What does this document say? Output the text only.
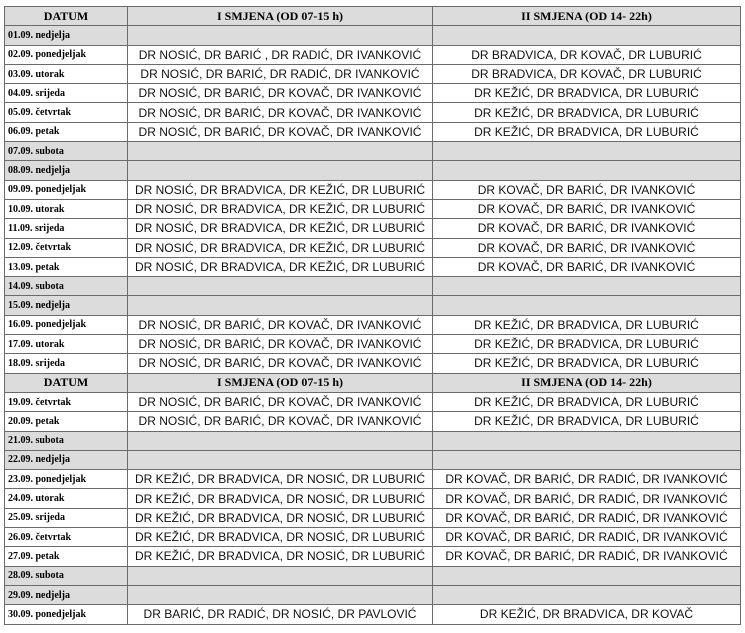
DATUM	I SMJENA (OD 07-15 h)	II SMJENA (OD 14- 22h)
01.09. nedjelja		
02.09. ponedjeljak	DR NOSIĆ, DR BARIĆ , DR RADIĆ, DR IVANKOVIĆ	DR BRADVICA, DR KOVAČ, DR LUBURIĆ
03.09. utorak	DR NOSIĆ, DR BARIĆ, DR RADIĆ, DR IVANKOVIĆ	DR BRADVICA, DR KOVAČ, DR LUBURIĆ
04.09. srijeda	DR NOSIĆ, DR BARIĆ, DR KOVAČ, DR IVANKOVIĆ	DR KEŽIĆ, DR BRADVICA, DR LUBURIĆ
05.09. četvrtak	DR NOSIĆ, DR BARIĆ, DR KOVAČ, DR IVANKOVIĆ	DR KEŽIĆ, DR BRADVICA, DR LUBURIĆ
06.09. petak	DR NOSIĆ, DR BARIĆ, DR KOVAČ, DR IVANKOVIĆ	DR KEŽIĆ, DR BRADVICA, DR LUBURIĆ
07.09. subota		
08.09. nedjelja		
09.09. ponedjeljak	DR NOSIĆ, DR BRADVICA, DR KEŽIĆ, DR LUBURIĆ	DR KOVAČ, DR BARIĆ, DR IVANKOVIĆ
10.09. utorak	DR NOSIĆ, DR BRADVICA, DR KEŽIĆ, DR LUBURIĆ	DR KOVAČ, DR BARIĆ, DR IVANKOVIĆ
11.09. srijeda	DR NOSIĆ, DR BRADVICA, DR KEŽIĆ, DR LUBURIĆ	DR KOVAČ, DR BARIĆ, DR IVANKOVIĆ
12.09. četvrtak	DR NOSIĆ, DR BRADVICA, DR KEŽIĆ, DR LUBURIĆ	DR KOVAČ, DR BARIĆ, DR IVANKOVIĆ
13.09. petak	DR NOSIĆ, DR BRADVICA, DR KEŽIĆ, DR LUBURIĆ	DR KOVAČ, DR BARIĆ, DR IVANKOVIĆ
14.09. subota		
15.09. nedjelja		
16.09. ponedjeljak	DR NOSIĆ, DR BARIĆ, DR KOVAČ, DR IVANKOVIĆ	DR KEŽIĆ, DR BRADVICA, DR LUBURIĆ
17.09. utorak	DR NOSIĆ, DR BARIĆ, DR KOVAČ, DR IVANKOVIĆ	DR KEŽIĆ, DR BRADVICA, DR LUBURIĆ
18.09. srijeda	DR NOSIĆ, DR BARIĆ, DR KOVAČ, DR IVANKOVIĆ	DR KEŽIĆ, DR BRADVICA, DR LUBURIĆ
DATUM	I SMJENA (OD 07-15 h)	II SMJENA (OD 14- 22h)
19.09. četvrtak	DR NOSIĆ, DR BARIĆ, DR KOVAČ, DR IVANKOVIĆ	DR KEŽIĆ, DR BRADVICA, DR LUBURIĆ
20.09. petak	DR NOSIĆ, DR BARIĆ, DR KOVAČ, DR IVANKOVIĆ	DR KEŽIĆ, DR BRADVICA, DR LUBURIĆ
21.09. subota		
22.09. nedjelja		
23.09. ponedjeljak	DR KEŽIĆ, DR BRADVICA, DR NOSIĆ, DR LUBURIĆ	DR KOVAČ, DR BARIĆ, DR RADIĆ, DR IVANKOVIĆ
24.09. utorak	DR KEŽIĆ, DR BRADVICA, DR NOSIĆ, DR LUBURIĆ	DR KOVAČ, DR BARIĆ, DR RADIĆ, DR IVANKOVIĆ
25.09. srijeda	DR KEŽIĆ, DR BRADVICA, DR NOSIĆ, DR LUBURIĆ	DR KOVAČ, DR BARIĆ, DR RADIĆ, DR IVANKOVIĆ
26.09. četvrtak	DR KEŽIĆ, DR BRADVICA, DR NOSIĆ, DR LUBURIĆ	DR KOVAČ, DR BARIĆ, DR RADIĆ, DR IVANKOVIĆ
27.09. petak	DR KEŽIĆ, DR BRADVICA, DR NOSIĆ, DR LUBURIĆ	DR KOVAČ, DR BARIĆ, DR RADIĆ, DR IVANKOVIĆ
28.09. subota		
29.09. nedjelja		
30.09. ponedjeljak	DR BARIĆ, DR RADIĆ, DR NOSIĆ, DR PAVLOVIĆ	DR KEŽIĆ, DR BRADVICA, DR KOVAČ
